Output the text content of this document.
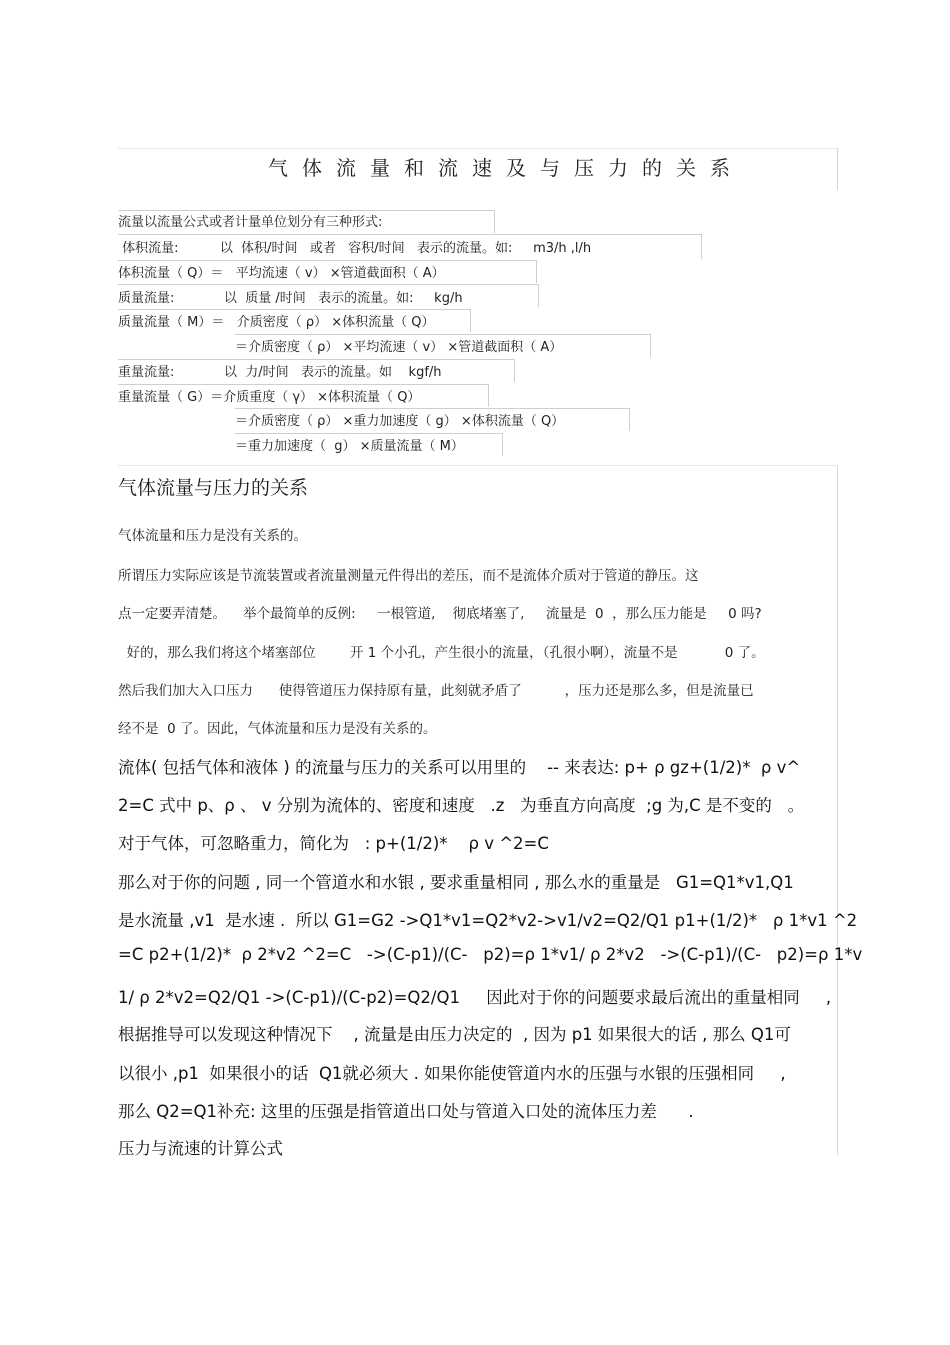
气体流量和流速及与压力的关系
流量以流量公式或者计量单位划分有三种形式:
体积流量:          以  体积/时间   或者   容积/时间   表示的流量。如:     m3/h ,l/h
体积流量（ Q）＝   平均流速（ v） ×管道截面积（ A）
质量流量:            以  质量 /时间   表示的流量。如:     kg/h
质量流量（ M）＝   介质密度（ ρ） ×体积流量（ Q）
＝介质密度（ ρ） ×平均流速（ v） ×管道截面积（ A）
重量流量:            以  力/时间   表示的流量。如    kgf/h
重量流量（ G）＝介质重度（ γ） ×体积流量（ Q）
＝介质密度（ ρ） ×重力加速度（ g） ×体积流量（ Q）
＝重力加速度（  g） ×质量流量（ M）
气体流量与压力的关系
气体流量和压力是没有关系的。
所谓压力实际应该是节流装置或者流量测量元件得出的差压，而不是流体介质对于管道的静压。这
点一定要弄清楚。    举个最简单的反例:     一根管道,    彻底堵塞了,     流量是  0  ，那么压力能是     0 吗?
好的，那么我们将这个堵塞部位        开 1 个小孔，产生很小的流量，（孔很小啊），流量不是           0 了。
然后我们加大入口压力      使得管道压力保持原有量，此刻就矛盾了          ，压力还是那么多，但是流量已
经不是  0 了。因此，气体流量和压力是没有关系的。
流体( 包括气体和液体 ) 的流量与压力的关系可以用里的    -- 来表达: p+ ρ gz+(1/2)*  ρ v^
2=C 式中 p、ρ 、 v 分别为流体的、密度和速度   .z   为垂直方向高度  ;g 为,C 是不变的   。
对于气体，可忽略重力，简化为   : p+(1/2)*    ρ v ^2=C
那么对于你的问题 , 同一个管道水和水银 , 要求重量相同 , 那么水的重量是   G1=Q1*v1,Q1
是水流量 ,v1  是水速 .  所以 G1=G2 ->Q1*v1=Q2*v2->v1/v2=Q2/Q1 p1+(1/2)*   ρ 1*v1 ^2
=C p2+(1/2)*  ρ 2*v2 ^2=C   ->(C-p1)/(C-   p2)=ρ 1*v1/ ρ 2*v2   ->(C-p1)/(C-   p2)=ρ 1*v
1/ ρ 2*v2=Q2/Q1 ->(C-p1)/(C-p2)=Q2/Q1     因此对于你的问题要求最后流出的重量相同     ,
根据推导可以发现这种情况下    , 流量是由压力决定的  , 因为 p1 如果很大的话 , 那么 Q1可
以很小 ,p1  如果很小的话  Q1就必须大 . 如果你能使管道内水的压强与水银的压强相同     ,
那么 Q2=Q1补充: 这里的压强是指管道出口处与管道入口处的流体压力差      .
压力与流速的计算公式
